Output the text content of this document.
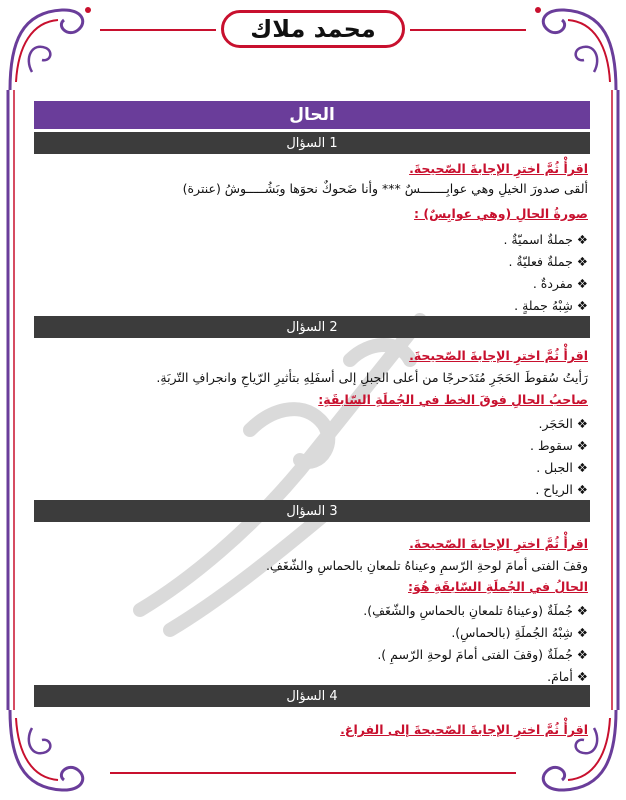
محمد ملاك
الحال
1 السؤال
اقرأْ ثُمَّ اخترِ الإجابةَ الصّحيحةَ.
ألقى صدورَ الخيلِ وهي عوابِـــــــسٌ *** وأنا ضَحوكٌ نحوَها وبَشُـــــوشُ (عنترة)
صورةُ الحالِ (وهي عوابِسٌ) :
❖ جملةٌ اسميّةٌ .
❖ جملةٌ فعليّةٌ .
❖ مفردةٌ .
❖ شِبْهُ جملةٍ .
2 السؤال
اقرأْ ثُمَّ اخترِ الإجابةَ الصّحيحةَ.
رَأيتُ سُقوطَ الحَجَرِ مُتَدَحرجًا من أعلى الجبلِ إلى أسفَلِهِ بتأثيرِ الرّياحِ وانجرافِ التّربَةِ.
صاحبُ الحالِ فوقَ الخط في الجُملَةِ السّابقَةِ:
❖ الحَجَر.
❖ سقوط .
❖ الجبل .
❖ الرياح .
3 السؤال
اقرأْ ثُمَّ اخترِ الإجابةَ الصّحيحةَ.
وقفَ الفتى أمامَ لوحةِ الرّسمِ وعيناهُ تلمعانِ بالحماسِ والشّغَفِ.
الحالُ في الجُملَةِ السّابقَةِ هُوَ:
❖ جُملَةٌ (وعيناهُ تلمعانِ بالحماسِ والشّغَفِ).
❖ شِبْهُ الجُملَةِ (بالحماسِ).
❖ جُملَةٌ (وقفَ الفتى أمامَ لوحةِ الرّسمِ ).
❖ أمامَ.
4 السؤال
اقرأْ ثُمَّ اخترِ الإجابةَ الصّحيحةَ إلى الفراغ.
